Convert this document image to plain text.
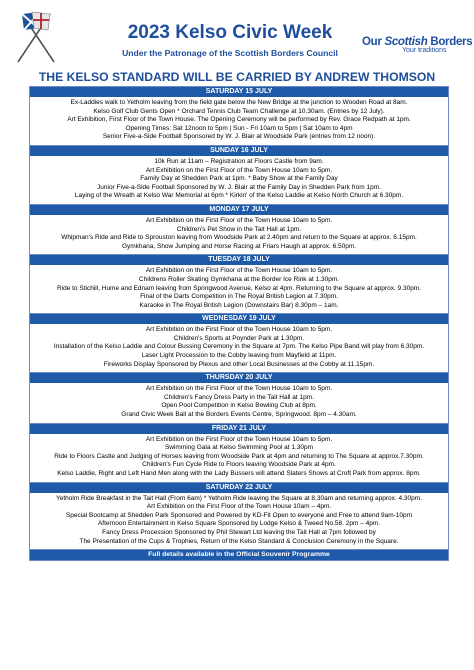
2023 Kelso Civic Week
Under the Patronage of the Scottish Borders Council
Our Scottish Borders
Your traditions
THE KELSO STANDARD WILL BE CARRIED BY ANDREW THOMSON
SATURDAY 15 JULY
Ex-Laddies walk to Yetholm leaving from the field gate below the New Bridge at the junction to Wooden Road at 8am.
Kelso Golf Club Gents Open * Orchard Tennis Club Team Challenge at 10.30am. (Entries by 12 July).
Art Exhibition, First Floor of the Town House. The Opening Ceremony will be performed by Rev. Grace Redpath at 1pm.
Opening Times: Sat 12noon to 5pm | Sun - Fri 10am to 5pm | Sat 10am to 4pm
Senior Five-a-Side Football Sponsored by W. J. Blair at Woodside Park (entries from 12 noon).
SUNDAY 16 JULY
10k Run at 11am – Registration at Floors Castle from 9am.
Art Exhibition on the First Floor of the Town House 10am to 5pm.
Family Day at Shedden Park at 1pm. * Baby Show at the Family Day
Junior Five-a-Side Football Sponsored by W. J. Blair at the Family Day in Shedden Park from 1pm.
Laying of the Wreath at Kelso War Memorial at 6pm * Kirkin' of the Kelso Laddie at Kelso North Church at 6.30pm.
MONDAY 17 JULY
Art Exhibition on the First Floor of the Town House 10am to 5pm.
Children's Pet Show in the Tait Hall at 1pm.
Whipman's Ride and Ride to Sprouston leaving from Woodside Park at 2.40pm and return to the Square at approx. 6.15pm.
Gymkhana, Show Jumping and Horse Racing at Friars Haugh at approx. 6.50pm.
TUESDAY 18 JULY
Art Exhibition on the First Floor of the Town House 10am to 5pm.
Childrens Roller Skating Gymkhana at the Border Ice Rink at 1.30pm.
Ride to Stichill, Hume and Ednam leaving from Springwood Avenue, Kelso at 4pm. Returning to the Square at approx. 9.30pm.
Final of the Darts Competition in The Royal British Legion at 7.30pm.
Karaoke in The Royal British Legion (Downstairs Bar) 8.30pm – 1am.
WEDNESDAY 19 JULY
Art Exhibition on the First Floor of the Town House 10am to 5pm.
Children's Sports at Poynder Park at 1.30pm.
Installation of the Kelso Laddie and Colour Bussing Ceremony in the Square at 7pm. The Kelso Pipe Band will play from 6.30pm.
Laser Light Procession to the Cobby leaving from Mayfield at 11pm.
Fireworks Display Sponsored by Plexus and other Local Businesses at the Cobby at 11.15pm.
THURSDAY 20 JULY
Art Exhibition on the First Floor of the Town House 10am to 5pm.
Children's Fancy Dress Party in the Tait Hall at 1pm.
Open Pool Competition in Kelso Bowling Club at 8pm.
Grand Civic Week Ball at the Borders Events Centre, Springwood. 8pm – 4.30am.
FRIDAY 21 JULY
Art Exhibition on the First Floor of the Town House 10am to 5pm.
Swimming Gala at Kelso Swimming Pool at 1.30pm
Ride to Floors Castle and Judging of Horses leaving from Woodside Park at 4pm and returning to The Square at approx.7.30pm.
Children's Fun Cycle Ride to Floors leaving Woodside Park at 4pm.
Kelso Laddie, Right and Left Hand Men along with the Lady Bussers will attend Slaters Shows at Croft Park from approx. 8pm.
SATURDAY 22 JULY
Yetholm Ride Breakfast in the Tait Hall (From 6am) * Yetholm Ride leaving the Square at 8.30am and returning approx. 4.30pm.
Art Exhibition on the First Floor of the Town House 10am – 4pm.
Special Bootcamp at Shedden Park Sponsored and Powered by KD-Fit Open to everyone and Free to attend 9am-10pm
Afternoon Entertainment in Kelso Square Sponsored by Lodge Kelso & Tweed No.58. 2pm – 4pm.
Fancy Dress Procession Sponsored by Phil Stewart Ltd leaving the Tait Hall at 7pm followed by
The Presentation of the Cups & Trophies, Return of the Kelso Standard & Conclusion Ceremony in the Square.
Full details available in the Official Souvenir Programme
